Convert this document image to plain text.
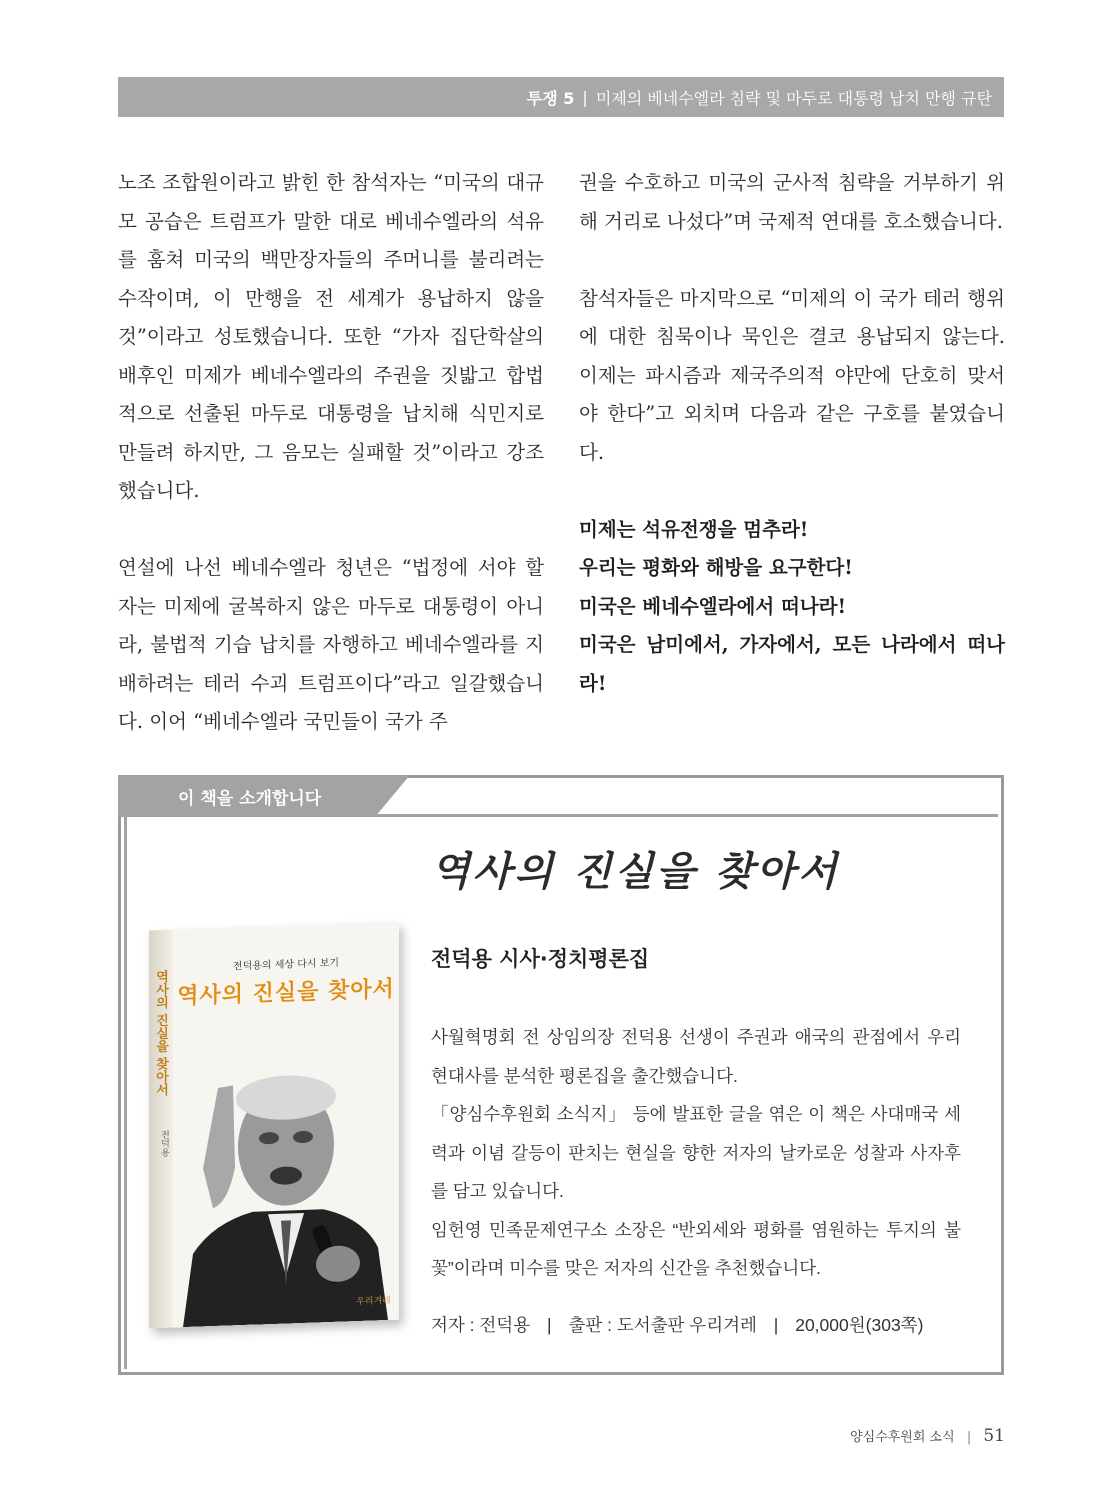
투쟁 5 | 미제의 베네수엘라 침략 및 마두로 대통령 납치 만행 규탄

노조 조합원이라고 밝힌 한 참석자는 “미국의 대규모 공습은 트럼프가 말한 대로 베네수엘라의 석유를 훔쳐 미국의 백만장자들의 주머니를 불리려는 수작이며, 이 만행을 전 세계가 용납하지 않을 것”이라고 성토했습니다. 또한 “가자 집단학살의 배후인 미제가 베네수엘라의 주권을 짓밟고 합법적으로 선출된 마두로 대통령을 납치해 식민지로 만들려 하지만, 그 음모는 실패할 것”이라고 강조했습니다.

연설에 나선 베네수엘라 청년은 “법정에 서야 할 자는 미제에 굴복하지 않은 마두로 대통령이 아니라, 불법적 기습 납치를 자행하고 베네수엘라를 지배하려는 테러 수괴 트럼프이다”라고 일갈했습니다. 이어 “베네수엘라 국민들이 국가 주

권을 수호하고 미국의 군사적 침략을 거부하기 위해 거리로 나섰다”며 국제적 연대를 호소했습니다.

참석자들은 마지막으로 “미제의 이 국가 테러 행위에 대한 침묵이나 묵인은 결코 용납되지 않는다. 이제는 파시즘과 제국주의적 야만에 단호히 맞서야 한다”고 외치며 다음과 같은 구호를 붙였습니다.

미제는 석유전쟁을 멈추라!
우리는 평화와 해방을 요구한다!
미국은 베네수엘라에서 떠나라!
미국은 남미에서, 가자에서, 모든 나라에서 떠나라!
이 책을 소개합니다
역사의 진실을 찾아서
전덕용
전덕용의 세상 다시 보기
역사의 진실을 찾아서
우리겨레
역사의 진실을 찾아서
전덕용 시사·정치평론집

사월혁명회 전 상임의장 전덕용 선생이 주권과 애국의 관점에서 우리 현대사를 분석한 평론집을 출간했습니다.

「양심수후원회 소식지」 등에 발표한 글을 엮은 이 책은 사대매국 세력과 이념 갈등이 판치는 현실을 향한 저자의 날카로운 성찰과 사자후를 담고 있습니다.

임헌영 민족문제연구소 소장은 “반외세와 평화를 염원하는 투지의 불꽃”이라며 미수를 맞은 저자의 신간을 추천했습니다.

저자 : 전덕용 | 출판 : 도서출판 우리겨레 | 20,000원(303쪽)
양심수후원회 소식 | 51
